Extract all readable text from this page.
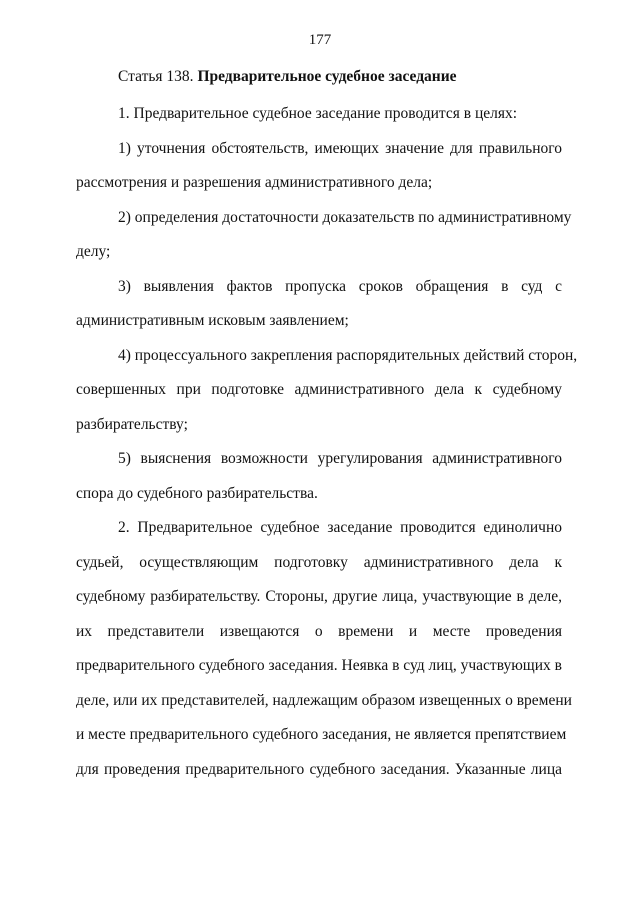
177
Статья 138. Предварительное судебное заседание
1. Предварительное судебное заседание проводится в целях:
1) уточнения обстоятельств, имеющих значение для правильного
рассмотрения и разрешения административного дела;
2) определения достаточности доказательств по административному
делу;
3) выявления фактов пропуска сроков обращения в суд с
административным исковым заявлением;
4) процессуального закрепления распорядительных действий сторон,
совершенных при подготовке административного дела к судебному
разбирательству;
5) выяснения возможности урегулирования административного
спора до судебного разбирательства.
2. Предварительное судебное заседание проводится единолично
судьей, осуществляющим подготовку административного дела к
судебному разбирательству. Стороны, другие лица, участвующие в деле,
их представители извещаются о времени и месте проведения
предварительного судебного заседания. Неявка в суд лиц, участвующих в
деле, или их представителей, надлежащим образом извещенных о времени
и месте предварительного судебного заседания, не является препятствием
для проведения предварительного судебного заседания. Указанные лица
